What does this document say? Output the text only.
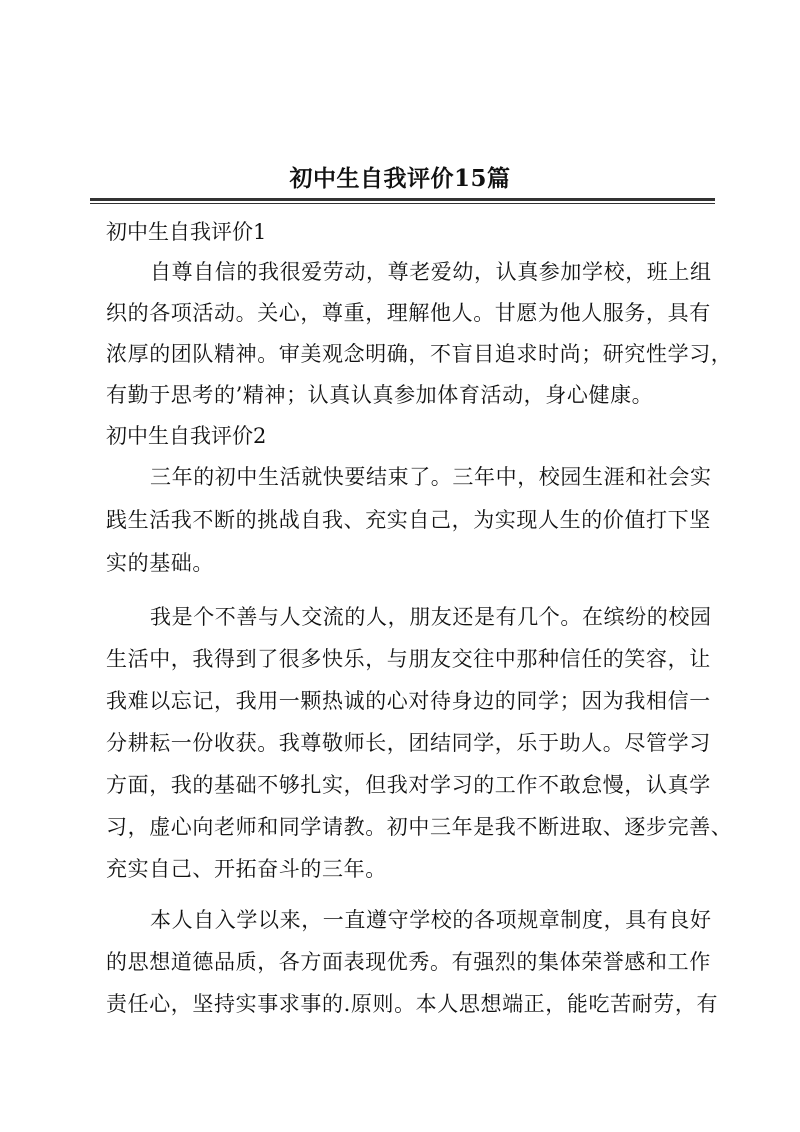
初中生自我评价15篇
初中生自我评价1
自尊自信的我很爱劳动，尊老爱幼，认真参加学校，班上组
织的各项活动。关心，尊重，理解他人。甘愿为他人服务，具有
浓厚的团队精神。审美观念明确，不盲目追求时尚；研究性学习，
有勤于思考的’精神；认真认真参加体育活动，身心健康。
初中生自我评价2
三年的初中生活就快要结束了。三年中，校园生涯和社会实
践生活我不断的挑战自我、充实自己，为实现人生的价值打下坚
实的基础。
我是个不善与人交流的人，朋友还是有几个。在缤纷的校园
生活中，我得到了很多快乐，与朋友交往中那种信任的笑容，让
我难以忘记，我用一颗热诚的心对待身边的同学；因为我相信一
分耕耘一份收获。我尊敬师长，团结同学，乐于助人。尽管学习
方面，我的基础不够扎实，但我对学习的工作不敢怠慢，认真学
习，虚心向老师和同学请教。初中三年是我不断进取、逐步完善、
充实自己、开拓奋斗的三年。
本人自入学以来，一直遵守学校的各项规章制度，具有良好
的思想道德品质，各方面表现优秀。有强烈的集体荣誉感和工作
责任心，坚持实事求事的.原则。本人思想端正，能吃苦耐劳，有
